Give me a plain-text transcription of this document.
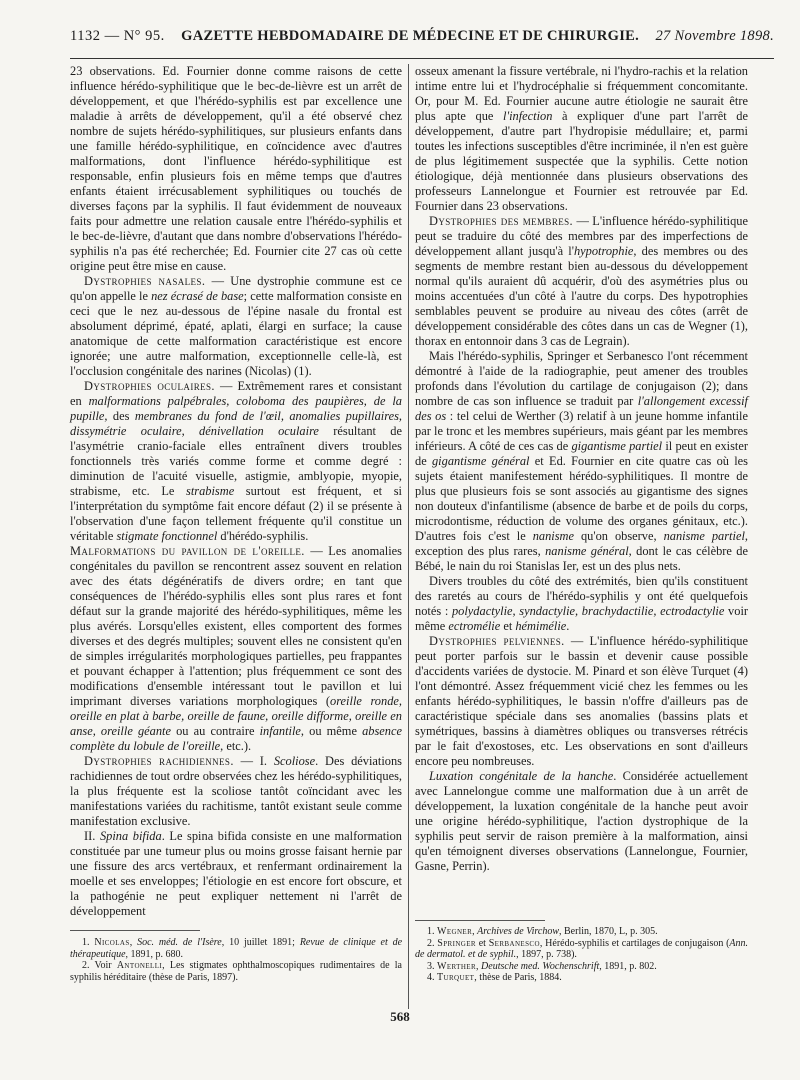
1132 — N° 95.	GAZETTE HEBDOMADAIRE DE MÉDECINE ET DE CHIRURGIE.	27 Novembre 1898.

23 observations. Ed. Fournier donne comme raisons de cette influence hérédo-syphilitique que le bec-de-lièvre est un arrêt de développement, et que l'hérédo-syphilis est par excellence une maladie à arrêts de développement, qu'il a été observé chez nombre de sujets hérédo-syphilitiques, sur plusieurs enfants dans une famille hérédo-syphilitique, en coïncidence avec d'autres malformations, dont l'influence hérédo-syphilitique est responsable, enfin plusieurs fois en même temps que d'autres enfants étaient irrécusablement syphilitiques ou touchés de diverses façons par la syphilis. Il faut évidemment de nouveaux faits pour admettre une relation causale entre l'hérédo-syphilis et le bec-de-lièvre, d'autant que dans nombre d'observations l'hérédo-syphilis n'a pas été recherchée; Ed. Fournier cite 27 cas où cette origine peut être mise en cause.

Dystrophies nasales. — Une dystrophie commune est ce qu'on appelle le nez écrasé de base; cette malformation consiste en ceci que le nez au-dessous de l'épine nasale du frontal est absolument déprimé, épaté, aplati, élargi en surface; la cause anatomique de cette malformation caractéristique est encore ignorée; une autre malformation, exceptionnelle celle-là, est l'occlusion congénitale des narines (Nicolas) (1).

Dystrophies oculaires. — Extrêmement rares et consistant en malformations palpébrales, coloboma des paupières, de la pupille, des membranes du fond de l'œil, anomalies pupillaires, dissymétrie oculaire, dénivellation oculaire résultant de l'asymétrie cranio-faciale elles entraînent divers troubles fonctionnels très variés comme forme et comme degré : diminution de l'acuité visuelle, astigmie, amblyopie, myopie, strabisme, etc. Le strabisme surtout est fréquent, et si l'interprétation du symptôme fait encore défaut (2) il se présente à l'observation d'une façon tellement fréquente qu'il constitue un véritable stigmate fonctionnel d'hérédo-syphilis.

Malformations du pavillon de l'oreille. — Les anomalies congénitales du pavillon se rencontrent assez souvent en relation avec des états dégénératifs de divers ordre; en tant que conséquences de l'hérédo-syphilis elles sont plus rares et font défaut sur la grande majorité des hérédo-syphilitiques, même les plus avérés. Lorsqu'elles existent, elles comportent des formes diverses et des degrés multiples; souvent elles ne consistent qu'en de simples irrégularités morphologiques partielles, peu frappantes et pouvant échapper à l'attention; plus fréquemment ce sont des modifications d'ensemble intéressant tout le pavillon et lui imprimant diverses variations morphologiques (oreille ronde, oreille en plat à barbe, oreille de faune, oreille difforme, oreille en anse, oreille géante ou au contraire infantile, ou même absence complète du lobule de l'oreille, etc.).

Dystrophies rachidiennes. — I. Scoliose. Des déviations rachidiennes de tout ordre observées chez les hérédo-syphilitiques, la plus fréquente est la scoliose tantôt coïncidant avec les manifestations variées du rachitisme, tantôt existant seule comme manifestation exclusive.

II. Spina bifida. Le spina bifida consiste en une malformation constituée par une tumeur plus ou moins grosse faisant hernie par une fissure des arcs vertébraux, et renfermant ordinairement la moelle et ses enveloppes; l'étiologie en est encore fort obscure, et la pathogénie ne peut expliquer nettement ni l'arrêt de développement

osseux amenant la fissure vertébrale, ni l'hydro-rachis et la relation intime entre lui et l'hydrocéphalie si fréquemment concomitante. Or, pour M. Ed. Fournier aucune autre étiologie ne saurait être plus apte que l'infection à expliquer d'une part l'arrêt de développement, d'autre part l'hydropisie médullaire; et, parmi toutes les infections susceptibles d'être incriminée, il n'en est guère de plus légitimement suspectée que la syphilis. Cette notion étiologique, déjà mentionnée dans plusieurs observations des professeurs Lannelongue et Fournier est retrouvée par Ed. Fournier dans 23 observations.

Dystrophies des membres. — L'influence hérédo-syphilitique peut se traduire du côté des membres par des imperfections de développement allant jusqu'à l'hypotrophie, des membres ou des segments de membre restant bien au-dessous du développement normal qu'ils auraient dû acquérir, d'où des asymétries plus ou moins accentuées d'un côté à l'autre du corps. Des hypotrophies semblables peuvent se produire au niveau des côtes (arrêt de développement considérable des côtes dans un cas de Wegner (1), thorax en entonnoir dans 3 cas de Legrain).

Mais l'hérédo-syphilis, Springer et Serbanesco l'ont récemment démontré à l'aide de la radiographie, peut amener des troubles profonds dans l'évolution du cartilage de conjugaison (2); dans nombre de cas son influence se traduit par l'allongement excessif des os : tel celui de Werther (3) relatif à un jeune homme infantile par le tronc et les membres supérieurs, mais géant par les membres inférieurs. A côté de ces cas de gigantisme partiel il peut en exister de gigantisme général et Ed. Fournier en cite quatre cas où les sujets étaient manifestement hérédo-syphilitiques. Il montre de plus que plusieurs fois se sont associés au gigantisme des signes non douteux d'infantilisme (absence de barbe et de poils du corps, microdontisme, réduction de volume des organes génitaux, etc.). D'autres fois c'est le nanisme qu'on observe, nanisme partiel, exception des plus rares, nanisme général, dont le cas célèbre de Bébé, le nain du roi Stanislas Ier, est un des plus nets.

Divers troubles du côté des extrémités, bien qu'ils constituent des raretés au cours de l'hérédo-syphilis y ont été quelquefois notés : polydactylie, syndactylie, brachydactilie, ectrodactylie voir même ectromélie et hémimélie.

Dystrophies pelviennes. — L'influence hérédo-syphilitique peut porter parfois sur le bassin et devenir cause possible d'accidents variées de dystocie. M. Pinard et son élève Turquet (4) l'ont démontré. Assez fréquemment vicié chez les femmes ou les enfants hérédo-syphilitiques, le bassin n'offre d'ailleurs pas de caractéristique spéciale dans ses anomalies (bassins plats et symétriques, bassins à diamètres obliques ou transverses rétrécis par le fait d'exostoses, etc. Les observations en sont d'ailleurs encore peu nombreuses.

Luxation congénitale de la hanche. Considérée actuellement avec Lannelongue comme une malformation due à un arrêt de développement, la luxation congénitale de la hanche peut avoir une origine hérédo-syphilitique, l'action dystrophique de la syphilis peut servir de raison première à la malformation, ainsi qu'en témoignent diverses observations (Lannelongue, Fournier, Gasne, Perrin).

1. Nicolas, Soc. méd. de l'Isère, 10 juillet 1891; Revue de clinique et de thérapeutique, 1891, p. 680.

2. Voir Antonelli, Les stigmates ophthalmoscopiques rudimentaires de la syphilis héréditaire (thèse de Paris, 1897).

1. Wegner, Archives de Virchow, Berlin, 1870, L, p. 305.

2. Springer et Serbanesco, Hérédo-syphilis et cartilages de conjugaison (Ann. de dermatol. et de syphil., 1897, p. 738).

3. Werther, Deutsche med. Wochenschrift, 1891, p. 802.

4. Turquet, thèse de Paris, 1884.

568
